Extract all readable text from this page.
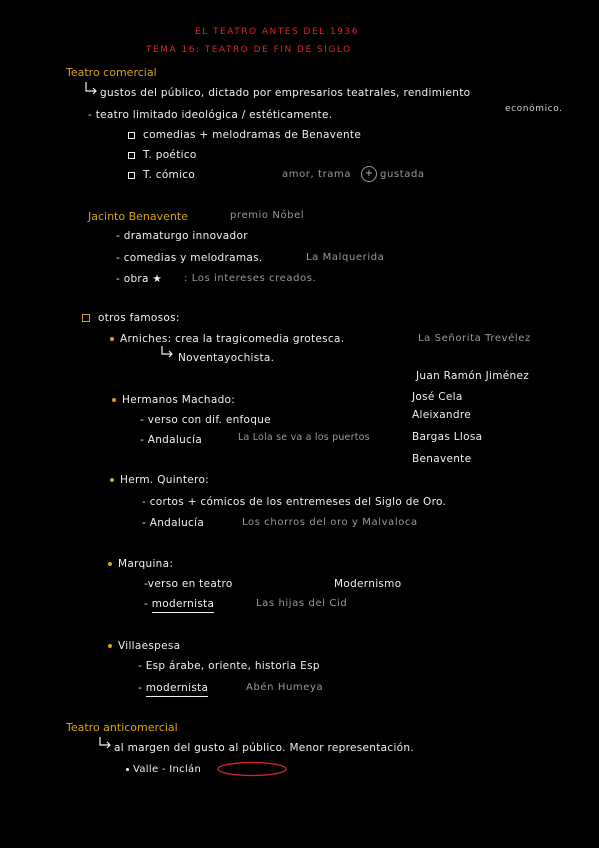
EL TEATRO ANTES DEL 1936
TEMA 16: TEATRO DE FIN DE SIGLO
Teatro comercial
gustos del público, dictado por empresarios teatrales, rendimiento
económico.
- teatro limitado ideológica / estéticamente.
comedias + melodramas de Benavente
T. poético
T. cómico	amor, trama	+ gustada
Jacinto Benavente	premio Nóbel
- dramaturgo innovador
- comedias y melodramas.	La Malquerida
- obra ★ : Los intereses creados.
otros famosos:
Arniches: crea la tragicomedia grotesca.	La Señorita Trevélez
Noventayochista.
Juan Ramón Jiménez
José Cela
Aleixandre
Bargas Llosa
Benavente
Hermanos Machado:
- verso con dif. enfoque
- Andalucía	La Lola se va a los puertos
Herm. Quintero:
- cortos + cómicos de los entremeses del Siglo de Oro.
- Andalucía	Los chorros del oro y Malvaloca
Marquina:
-verso en teatro	Modernismo
- modernista	Las hijas del Cid
Villaespesa
- Esp árabe, oriente, historia Esp
- modernista	Abén Humeya
Teatro anticomercial
al margen del gusto al público. Menor representación.
Valle - Inclán
